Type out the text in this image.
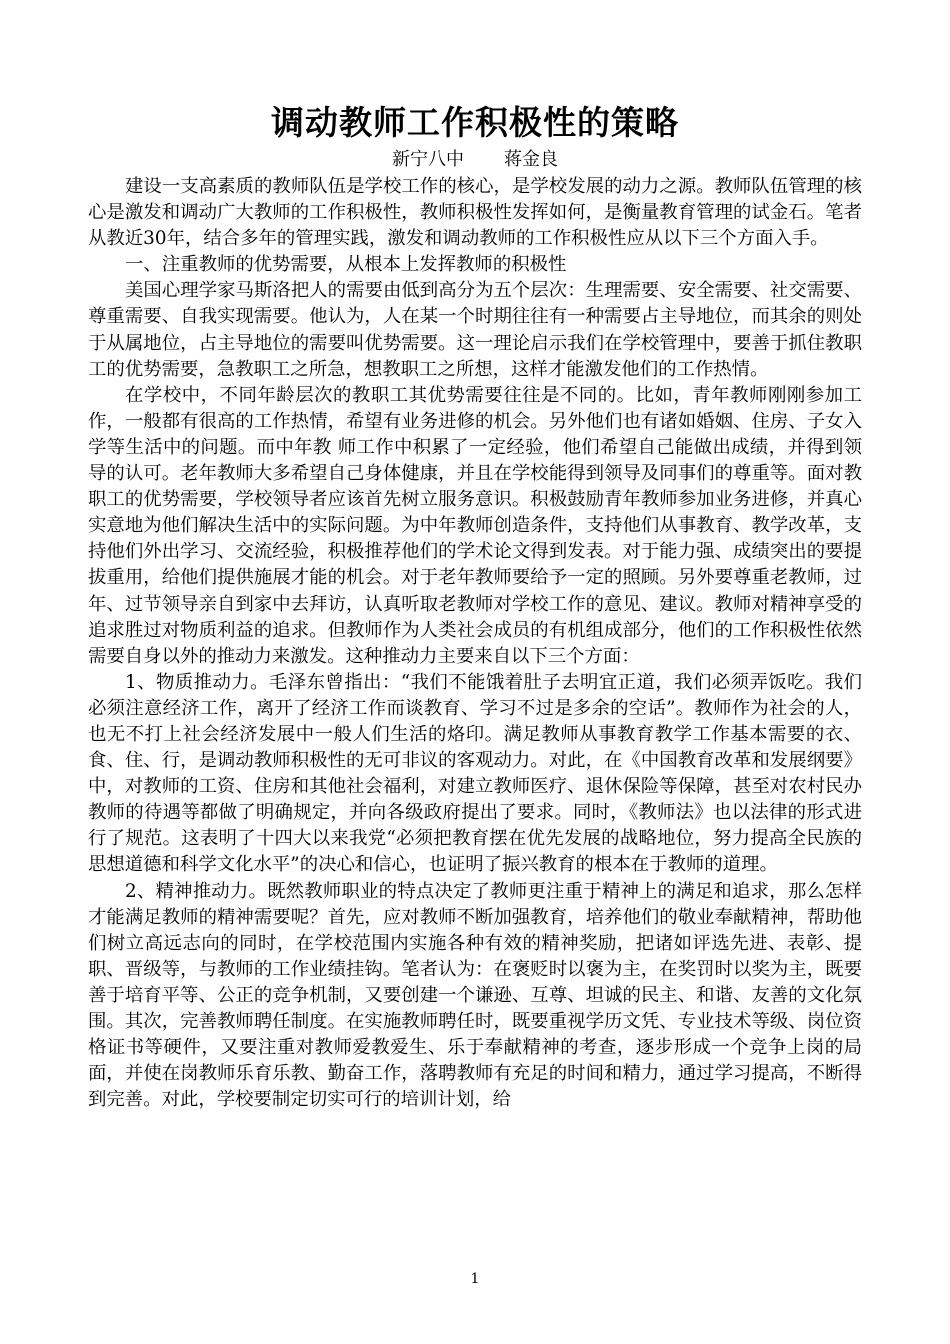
调动教师工作积极性的策略
新宁八中 蒋金良

建设一支高素质的教师队伍是学校工作的核心，是学校发展的动力之源。教师队伍管理的核心是激发和调动广大教师的工作积极性，教师积极性发挥如何，是衡量教育管理的试金石。笔者从教近30年，结合多年的管理实践，激发和调动教师的工作积极性应从以下三个方面入手。

一、注重教师的优势需要，从根本上发挥教师的积极性

美国心理学家马斯洛把人的需要由低到高分为五个层次：生理需要、安全需要、社交需要、尊重需要、自我实现需要。他认为，人在某一个时期往往有一种需要占主导地位，而其余的则处于从属地位，占主导地位的需要叫优势需要。这一理论启示我们在学校管理中，要善于抓住教职工的优势需要，急教职工之所急，想教职工之所想，这样才能激发他们的工作热情。

在学校中，不同年龄层次的教职工其优势需要往往是不同的。比如，青年教师刚刚参加工作，一般都有很高的工作热情，希望有业务进修的机会。另外他们也有诸如婚姻、住房、子女入学等生活中的问题。而中年教 师工作中积累了一定经验，他们希望自己能做出成绩，并得到领导的认可。老年教师大多希望自己身体健康，并且在学校能得到领导及同事们的尊重等。面对教职工的优势需要，学校领导者应该首先树立服务意识。积极鼓励青年教师参加业务进修，并真心实意地为他们解决生活中的实际问题。为中年教师创造条件，支持他们从事教育、教学改革，支持他们外出学习、交流经验，积极推荐他们的学术论文得到发表。对于能力强、成绩突出的要提拔重用，给他们提供施展才能的机会。对于老年教师要给予一定的照顾。另外要尊重老教师，过年、过节领导亲自到家中去拜访，认真听取老教师对学校工作的意见、建议。教师对精神享受的追求胜过对物质利益的追求。但教师作为人类社会成员的有机组成部分，他们的工作积极性依然需要自身以外的推动力来激发。这种推动力主要来自以下三个方面：

1、物质推动力。毛泽东曾指出：“我们不能饿着肚子去明宜正道，我们必须弄饭吃。我们必须注意经济工作，离开了经济工作而谈教育、学习不过是多余的空话”。教师作为社会的人，也无不打上社会经济发展中一般人们生活的烙印。满足教师从事教育教学工作基本需要的衣、食、住、行，是调动教师积极性的无可非议的客观动力。对此，在《中国教育改革和发展纲要》中，对教师的工资、住房和其他社会福利，对建立教师医疗、退休保险等保障，甚至对农村民办教师的待遇等都做了明确规定，并向各级政府提出了要求。同时，《教师法》也以法律的形式进行了规范。这表明了十四大以来我党“必须把教育摆在优先发展的战略地位，努力提高全民族的思想道德和科学文化水平”的决心和信心，也证明了振兴教育的根本在于教师的道理。

2、精神推动力。既然教师职业的特点决定了教师更注重于精神上的满足和追求，那么怎样才能满足教师的精神需要呢？首先，应对教师不断加强教育，培养他们的敬业奉献精神，帮助他们树立高远志向的同时，在学校范围内实施各种有效的精神奖励，把诸如评选先进、表彰、提职、晋级等，与教师的工作业绩挂钩。笔者认为：在褒贬时以褒为主，在奖罚时以奖为主，既要善于培育平等、公正的竞争机制，又要创建一个谦逊、互尊、坦诚的民主、和谐、友善的文化氛围。其次，完善教师聘任制度。在实施教师聘任时，既要重视学历文凭、专业技术等级、岗位资格证书等硬件，又要注重对教师爱教爱生、乐于奉献精神的考查，逐步形成一个竞争上岗的局面，并使在岗教师乐育乐教、勤奋工作，落聘教师有充足的时间和精力，通过学习提高，不断得到完善。对此，学校要制定切实可行的培训计划，给

1
